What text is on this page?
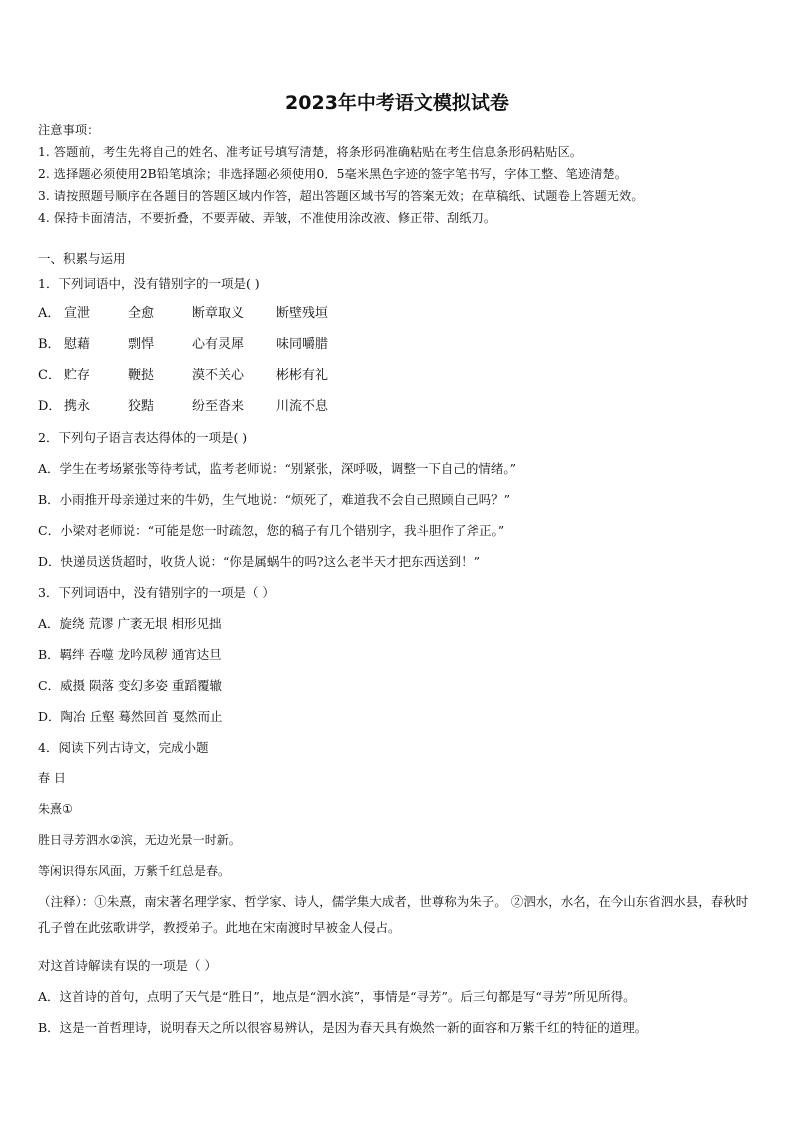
2023年中考语文模拟试卷
注意事项：
1. 答题前，考生先将自己的姓名、准考证号填写清楚，将条形码准确粘贴在考生信息条形码粘贴区。
2. 选择题必须使用2B铅笔填涂；非选择题必须使用0．5毫米黑色字迹的签字笔书写，字体工整、笔迹清楚。
3. 请按照题号顺序在各题目的答题区域内作答，超出答题区域书写的答案无效；在草稿纸、试题卷上答题无效。
4. 保持卡面清洁，不要折叠，不要弄破、弄皱，不准使用涂改液、修正带、刮纸刀。
一、积累与运用
1．下列词语中，没有错别字的一项是( )
A． 宣泄	全愈	断章取义 断壁残垣
B． 慰藉	剽悍	心有灵犀 味同嚼腊
C． 贮存	鞭挞	漠不关心 彬彬有礼
D． 携永	狡黠	纷至沓来 川流不息
2．下列句子语言表达得体的一项是( )
A．学生在考场紧张等待考试，监考老师说：“别紧张，深呼吸，调整一下自己的情绪。”
B．小雨推开母亲递过来的牛奶，生气地说：“烦死了，难道我不会自己照顾自己吗？”
C．小梁对老师说：“可能是您一时疏忽，您的稿子有几个错别字，我斗胆作了斧正。”
D．快递员送货超时，收货人说：“你是属蜗牛的吗?这么老半天才把东西送到！”
3．下列词语中，没有错别字的一项是（ ）
A．旋绕 荒谬 广袤无垠 相形见拙
B．羁绊 吞噬 龙吟凤秽 通宵达旦
C．威摄 陨落 变幻多姿 重蹈覆辙
D．陶冶 丘壑 蓦然回首 戛然而止
4．阅读下列古诗文，完成小题
春 日
朱熹①
胜日寻芳泗水②滨，无边光景一时新。
等闲识得东风面，万紫千红总是春。
（注释）：①朱熹，南宋著名理学家、哲学家、诗人，儒学集大成者，世尊称为朱子。 ②泗水，水名，在今山东省泗水县，春秋时孔子曾在此弦歌讲学，教授弟子。此地在宋南渡时早被金人侵占。
对这首诗解读有误的一项是（ ）
A．这首诗的首句，点明了天气是“胜日”，地点是“泗水滨”，事情是“寻芳”。后三句都是写“寻芳”所见所得。
B．这是一首哲理诗，说明春天之所以很容易辨认，是因为春天具有焕然一新的面容和万紫千红的特征的道理。
